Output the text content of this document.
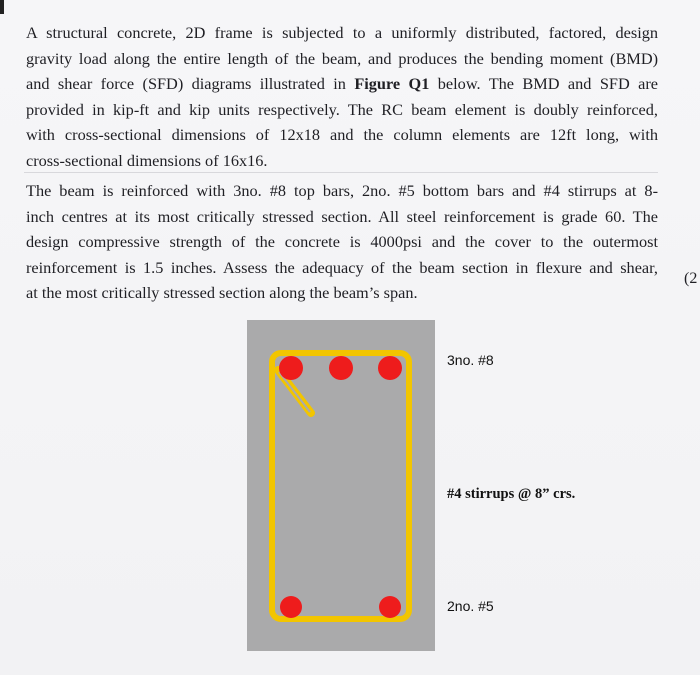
A structural concrete, 2D frame is subjected to a uniformly distributed, factored, design
gravity load along the entire length of the beam, and produces the bending moment (BMD)
and shear force (SFD) diagrams illustrated in Figure Q1 below. The BMD and SFD are
provided in kip-ft and kip units respectively. The RC beam element is doubly reinforced,
with cross-sectional dimensions of 12x18 and the column elements are 12ft long, with
cross-sectional dimensions of 16x16.

The beam is reinforced with 3no. #8 top bars, 2no. #5 bottom bars and #4 stirrups at 8-
inch centres at its most critically stressed section. All steel reinforcement is grade 60. The
design compressive strength of the concrete is 4000psi and the cover to the outermost
reinforcement is 1.5 inches. Assess the adequacy of the beam section in flexure and shear,
at the most critically stressed section along the beam’s span.

(2
3no. #8
#4 stirrups @ 8” crs.
2no. #5
